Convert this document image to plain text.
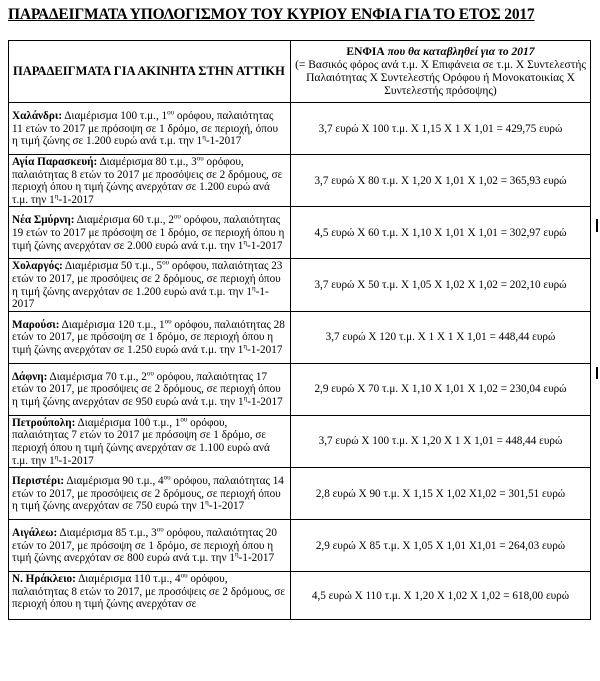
ΠΑΡΑΔΕΙΓΜΑΤΑ ΥΠΟΛΟΓΙΣΜΟΥ ΤΟΥ ΚΥΡΙΟΥ ΕΝΦΙΑ ΓΙΑ ΤΟ ΕΤΟΣ 2017
ΠΑΡΑΔΕΙΓΜΑΤΑ ΓΙΑ ΑΚΙΝΗΤΑ ΣΤΗΝ ΑΤΤΙΚΗ	ΕΝΦΙΑ που θα καταβληθεί για το 2017
(= Βασικός φόρος ανά τ.μ. Χ Επιφάνεια σε τ.μ. Χ Συντελεστής Παλαιότητας Χ Συντελεστής Ορόφου ή Μονοκατοικίας Χ Συντελεστής πρόσοψης)
Χαλάνδρι: Διαμέρισμα 100 τ.μ., $1^{o\upsilon}$ ορόφου, παλαιότητας 11 ετών το 2017 με πρόσοψη σε 1 δρόμο, σε περιοχή, όπου η τιμή ζώνης σε 1.200 ευρώ ανά τ.μ. την $1^\eta-1-2017$	3,7 ευρώ Χ 100 τ.μ. Χ 1,15 Χ 1 Χ 1,01 = 429,75 ευρώ
Αγία Παρασκευή: Διαμέρισμα 80 τ.μ., $3^{o\upsilon}$ ορόφου, παλαιότητας 8 ετών το 2017 με προσόψεις σε 2 δρόμους, σε περιοχή όπου η τιμή ζώνης ανερχόταν σε 1.200 ευρώ ανά τ.μ. την $1^\eta-1-2017$	3,7 ευρώ Χ 80 τ.μ. Χ 1,20 Χ 1,01 Χ 1,02 = 365,93 ευρώ
Νέα Σμύρνη: Διαμέρισμα 60 τ.μ., $2^{o\upsilon}$ ορόφου, παλαιότητας 19 ετών το 2017 με πρόσοψη σε 1 δρόμο, σε περιοχή όπου η τιμή ζώνης ανερχόταν σε 2.000 ευρώ ανά τ.μ. την $1^\eta-1-2017$	4,5 ευρώ Χ 60 τ.μ. Χ 1,10 Χ 1,01 Χ 1,01 = 302,97 ευρώ
Χολαργός: Διαμέρισμα 50 τ.μ., $5^{o\upsilon}$ ορόφου, παλαιότητας 23 ετών το 2017, με προσόψεις σε 2 δρόμους, σε περιοχή όπου η τιμή ζώνης ανερχόταν σε 1.200 ευρώ ανά τ.μ. την $1^\eta-1-2017$	3,7 ευρώ Χ 50 τ.μ. Χ 1,05 Χ 1,02 Χ 1,02 = 202,10 ευρώ
Μαρούσι: Διαμέρισμα 120 τ.μ., $1^{o\upsilon}$ ορόφου, παλαιότητας 28 ετών το 2017, με πρόσοψη σε 1 δρόμο, σε περιοχή όπου η τιμή ζώνης ανερχόταν σε 1.250 ευρώ ανά τ.μ. την $1^\eta-1-2017$	3,7 ευρώ Χ 120 τ.μ. Χ 1 Χ 1 Χ 1,01 = 448,44 ευρώ
Δάφνη: Διαμέρισμα 70 τ.μ., $2^{o\upsilon}$ ορόφου, παλαιότητας 17 ετών το 2017, με προσόψεις σε 2 δρόμους, σε περιοχή όπου η τιμή ζώνης ανερχόταν σε 950 ευρώ ανά τ.μ. την $1^\eta-1-2017$	2,9 ευρώ Χ 70 τ.μ. Χ 1,10 Χ 1,01 Χ 1,02 = 230,04 ευρώ
Πετρούπολη: Διαμέρισμα 100 τ.μ., $1^{o\upsilon}$ ορόφου, παλαιότητας 7 ετών το 2017 με πρόσοψη σε 1 δρόμο, σε περιοχή όπου η τιμή ζώνης ανερχόταν σε 1.100 ευρώ ανά τ.μ. την $1^\eta-1-2017$	3,7 ευρώ Χ 100 τ.μ. Χ 1,20 Χ 1 Χ 1,01 = 448,44 ευρώ
Περιστέρι: Διαμέρισμα 90 τ.μ., $4^{o\upsilon}$ ορόφου, παλαιότητας 14 ετών το 2017, με προσόψεις σε 2 δρόμους, σε περιοχή όπου η τιμή ζώνης ανερχόταν σε 750 ευρώ την $1^\eta-1-2017$	2,8 ευρώ Χ 90 τ.μ. Χ 1,15 Χ 1,02 Χ1,02 = 301,51 ευρώ
Αιγάλεω: Διαμέρισμα 85 τ.μ., $3^{o\upsilon}$ ορόφου, παλαιότητας 20 ετών το 2017, με πρόσοψη σε 1 δρόμο, σε περιοχή όπου η τιμή ζώνης ανερχόταν σε 800 ευρώ ανά τ.μ. την $1^\eta-1-2017$	2,9 ευρώ Χ 85 τ.μ. Χ 1,05 Χ 1,01 Χ1,01 = 264,03 ευρώ
Ν. Ηράκλειο: Διαμέρισμα 110 τ.μ., $4^{o\upsilon}$ ορόφου, παλαιότητας 8 ετών το 2017, με προσόψεις σε 2 δρόμους, σε περιοχή όπου η τιμή ζώνης ανερχόταν σε	4,5 ευρώ Χ 110 τ.μ. Χ 1,20 Χ 1,02 Χ 1,02 = 618,00 ευρώ
